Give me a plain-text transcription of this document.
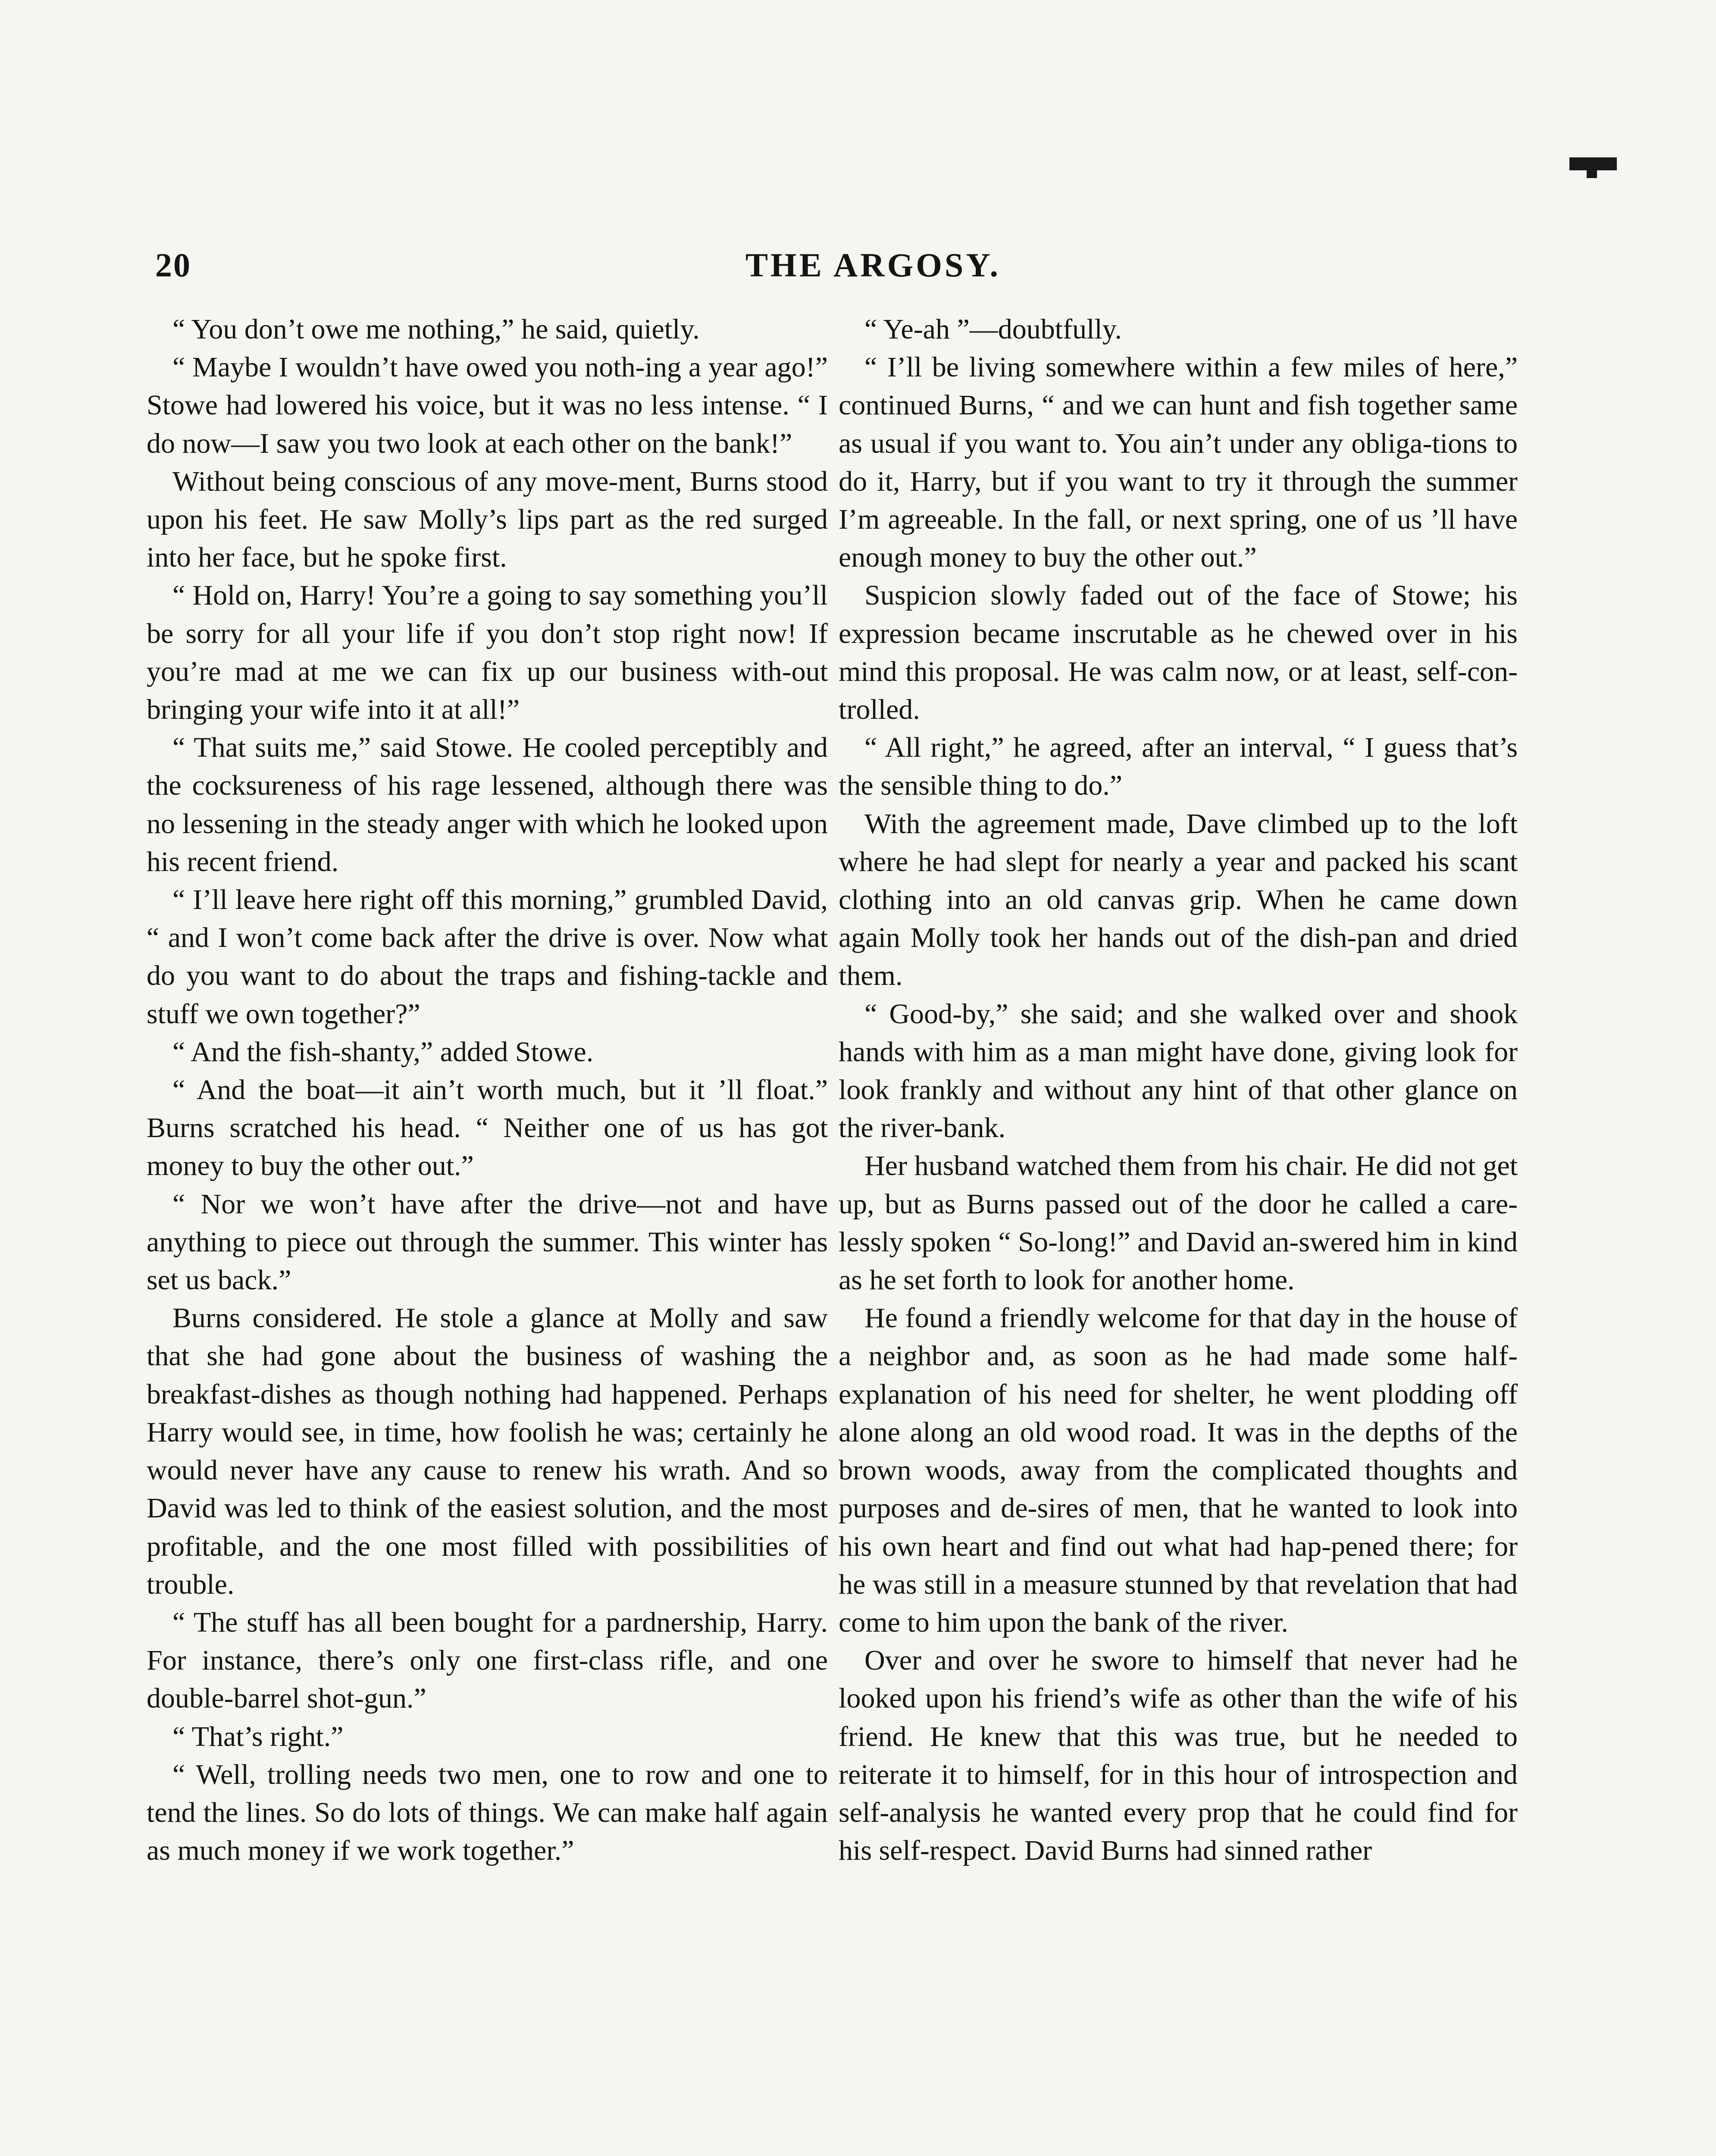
20	THE ARGOSY.

“ You don’t owe me nothing,” he said, quietly.

“ Maybe I wouldn’t have owed you noth-ing a year ago!” Stowe had lowered his voice, but it was no less intense. “ I do now—I saw you two look at each other on the bank!”

Without being conscious of any move-ment, Burns stood upon his feet. He saw Molly’s lips part as the red surged into her face, but he spoke first.

“ Hold on, Harry! You’re a going to say something you’ll be sorry for all your life if you don’t stop right now! If you’re mad at me we can fix up our business with-out bringing your wife into it at all!”

“ That suits me,” said Stowe. He cooled perceptibly and the cocksureness of his rage lessened, although there was no lessening in the steady anger with which he looked upon his recent friend.

“ I’ll leave here right off this morning,” grumbled David, “ and I won’t come back after the drive is over. Now what do you want to do about the traps and fishing-tackle and stuff we own together?”

“ And the fish-shanty,” added Stowe.

“ And the boat—it ain’t worth much, but it ’ll float.” Burns scratched his head. “ Neither one of us has got money to buy the other out.”

“ Nor we won’t have after the drive—not and have anything to piece out through the summer. This winter has set us back.”

Burns considered. He stole a glance at Molly and saw that she had gone about the business of washing the breakfast-dishes as though nothing had happened. Perhaps Harry would see, in time, how foolish he was; certainly he would never have any cause to renew his wrath. And so David was led to think of the easiest solution, and the most profitable, and the one most filled with possibilities of trouble.

“ The stuff has all been bought for a pardnership, Harry. For instance, there’s only one first-class rifle, and one double-barrel shot-gun.”

“ That’s right.”

“ Well, trolling needs two men, one to row and one to tend the lines. So do lots of things. We can make half again as much money if we work together.”

“ Ye-ah ”—doubtfully.

“ I’ll be living somewhere within a few miles of here,” continued Burns, “ and we can hunt and fish together same as usual if you want to. You ain’t under any obliga-tions to do it, Harry, but if you want to try it through the summer I’m agreeable. In the fall, or next spring, one of us ’ll have enough money to buy the other out.”

Suspicion slowly faded out of the face of Stowe; his expression became inscrutable as he chewed over in his mind this proposal. He was calm now, or at least, self-con-trolled.

“ All right,” he agreed, after an interval, “ I guess that’s the sensible thing to do.”

With the agreement made, Dave climbed up to the loft where he had slept for nearly a year and packed his scant clothing into an old canvas grip. When he came down again Molly took her hands out of the dish-pan and dried them.

“ Good-by,” she said; and she walked over and shook hands with him as a man might have done, giving look for look frankly and without any hint of that other glance on the river-bank.

Her husband watched them from his chair. He did not get up, but as Burns passed out of the door he called a care-lessly spoken “ So-long!” and David an-swered him in kind as he set forth to look for another home.

He found a friendly welcome for that day in the house of a neighbor and, as soon as he had made some half-explanation of his need for shelter, he went plodding off alone along an old wood road. It was in the depths of the brown woods, away from the complicated thoughts and purposes and de-sires of men, that he wanted to look into his own heart and find out what had hap-pened there; for he was still in a measure stunned by that revelation that had come to him upon the bank of the river.

Over and over he swore to himself that never had he looked upon his friend’s wife as other than the wife of his friend. He knew that this was true, but he needed to reiterate it to himself, for in this hour of introspection and self-analysis he wanted every prop that he could find for his self-respect. David Burns had sinned rather
